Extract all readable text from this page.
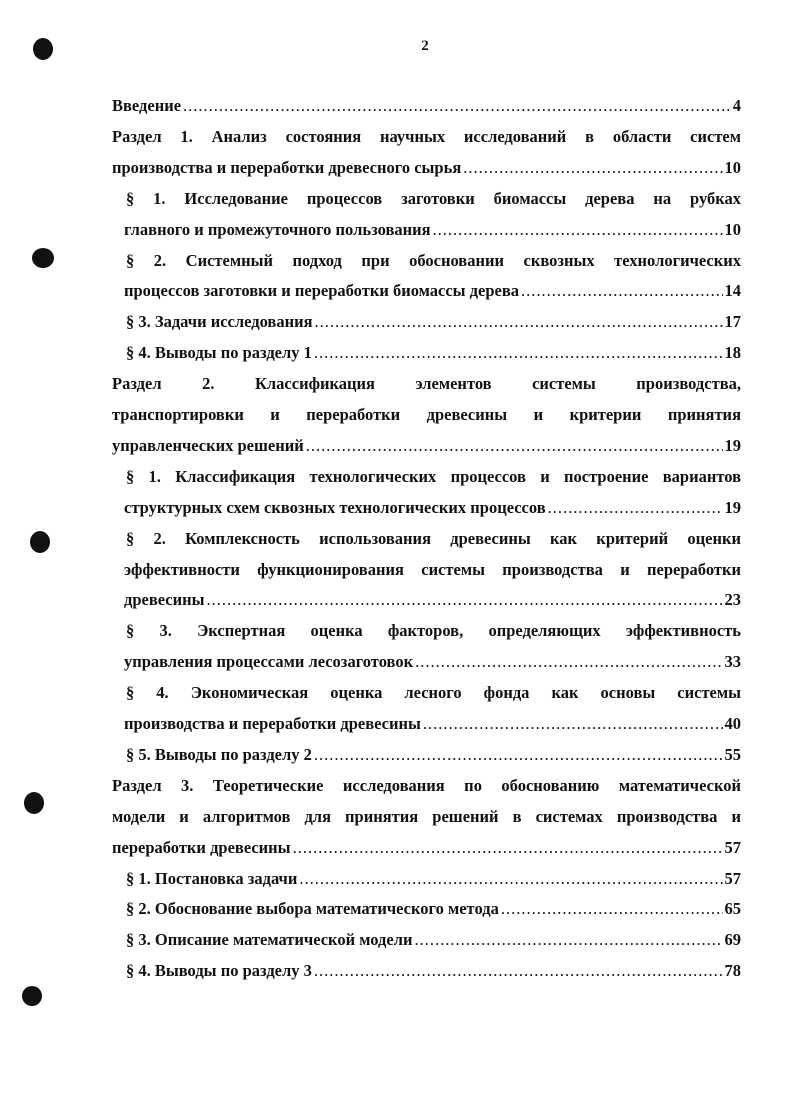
2
Введение .....	4
Раздел 1. Анализ состояния научных исследований в области систем
производства и переработки древесного сырья .....	10
§ 1. Исследование процессов заготовки биомассы дерева на рубках
главного и промежуточного пользования .....	10
§ 2. Системный подход при обосновании сквозных технологических
процессов заготовки и переработки биомассы дерева .....	14
§ 3. Задачи исследования .....	17
§ 4. Выводы по разделу 1 .....	18
Раздел 2. Классификация элементов системы производства,
транспортировки и переработки древесины и критерии принятия
управленческих решений .....	19
§ 1. Классификация технологических процессов и построение вариантов
структурных схем сквозных технологических процессов .....	19
§ 2. Комплексность использования древесины как критерий оценки
эффективности функционирования системы производства и переработки
древесины .....	23
§ 3. Экспертная оценка факторов, определяющих эффективность
управления процессами лесозаготовок .....	33
§ 4. Экономическая оценка лесного фонда как основы системы
производства и переработки древесины .....	40
§ 5. Выводы по разделу 2 .....	55
Раздел 3. Теоретические исследования по обоснованию математической
модели и алгоритмов для принятия решений в системах производства и
переработки древесины .....	57
§ 1. Постановка задачи .....	57
§ 2. Обоснование выбора математического метода .....	65
§ 3. Описание математической модели .....	69
§ 4. Выводы по разделу 3 .....	78
